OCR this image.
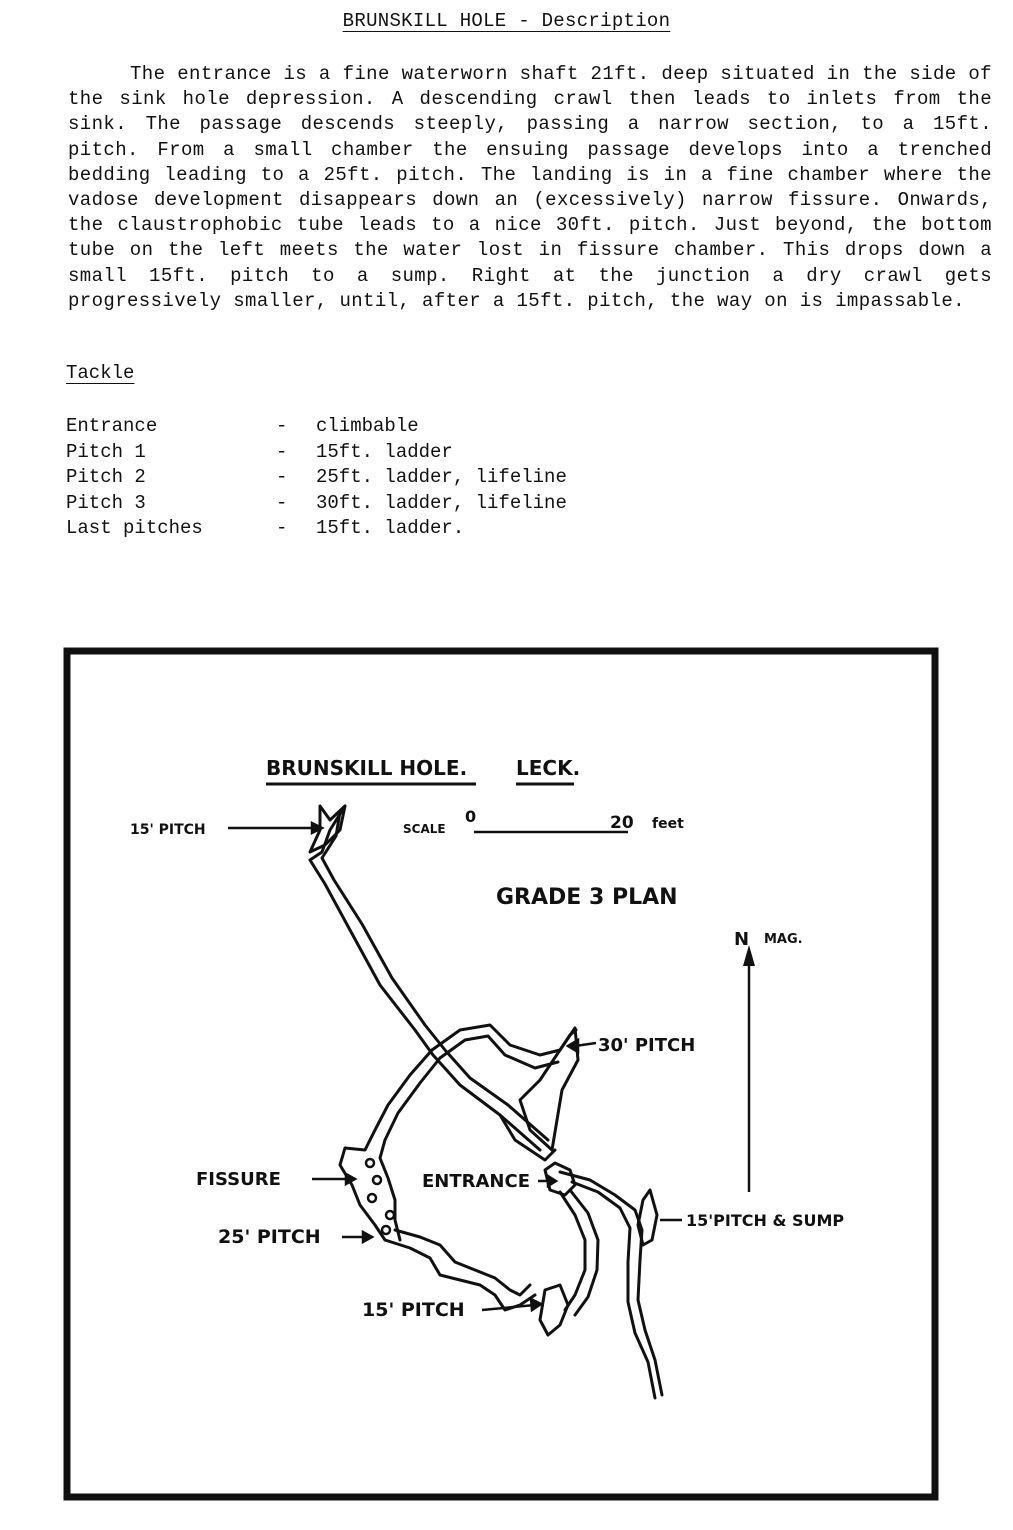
BRUNSKILL HOLE - Description

The entrance is a fine waterworn shaft 21ft. deep situated in the side of the sink hole depression. A descending crawl then leads to inlets from the sink. The passage descends steeply, passing a narrow section, to a 15ft. pitch. From a small chamber the ensuing passage develops into a trenched bedding leading to a 25ft. pitch. The landing is in a fine chamber where the vadose development disappears down an (excessively) narrow fissure. Onwards, the claustrophobic tube leads to a nice 30ft. pitch. Just beyond, the bottom tube on the left meets the water lost in fissure chamber. This drops down a small 15ft. pitch to a sump. Right at the junction a dry crawl gets progressively smaller, until, after a 15ft. pitch, the way on is impassable.

Tackle
Entrance	-	climbable
Pitch 1	-	15ft. ladder
Pitch 2	-	25ft. ladder, lifeline
Pitch 3	-	30ft. ladder, lifeline
Last pitches	-	15ft. ladder.
BRUNSKILL HOLE. LECK.
SCALE
0	20 feet
GRADE 3 PLAN
N MAG.
15' PITCH
30' PITCH
FISSURE	ENTRANCE
15'PITCH & SUMP
25' PITCH
15' PITCH
